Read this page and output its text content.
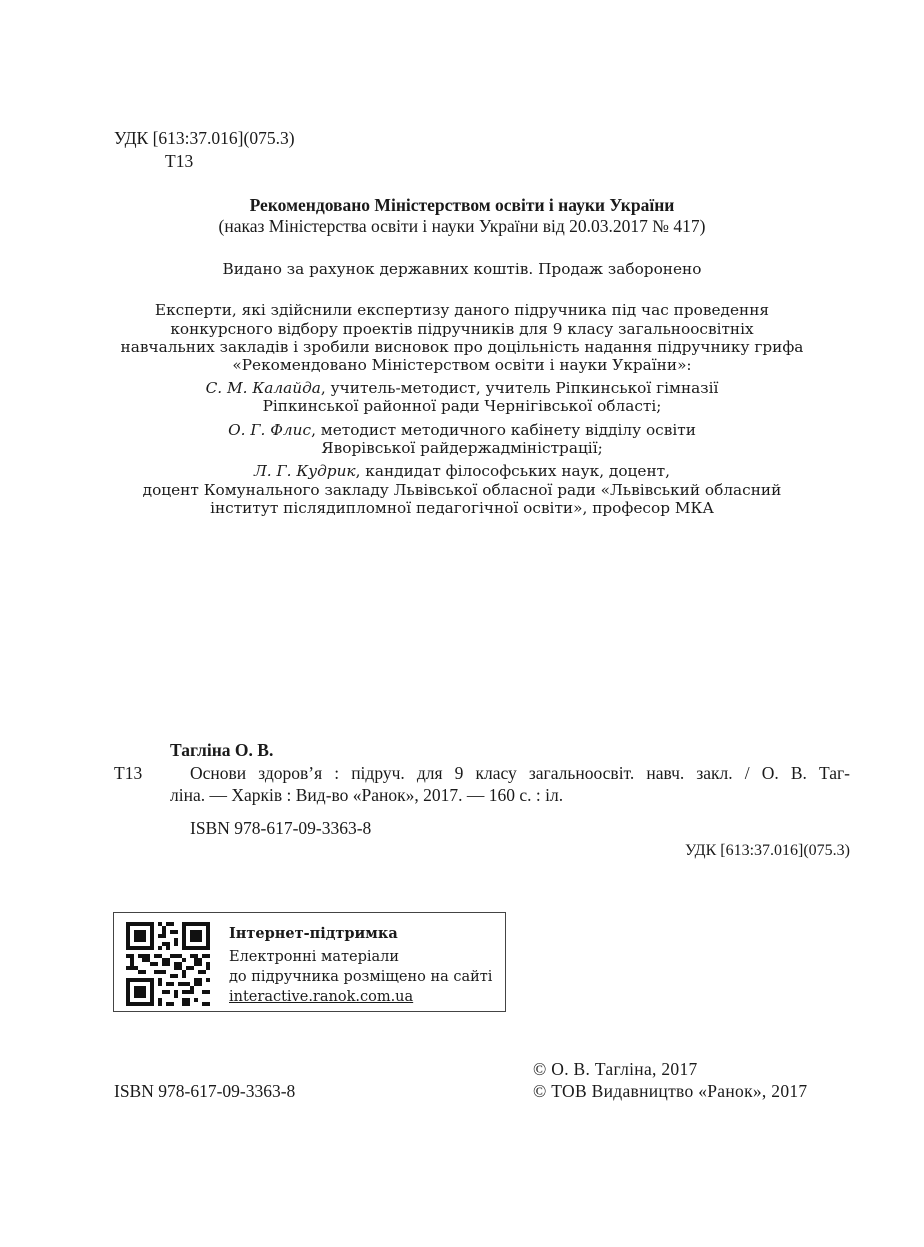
УДК [613:37.016](075.3)
Т13
Рекомендовано Міністерством освіти і науки України
(наказ Міністерства освіти і науки України від 20.03.2017 № 417)
Видано за рахунок державних коштів. Продаж заборонено
Експерти, які здійснили експертизу даного підручника під час проведення
конкурсного відбору проектів підручників для 9 класу загальноосвітніх
навчальних закладів і зробили висновок про доцільність надання підручнику грифа
«Рекомендовано Міністерством освіти і науки України»:
С. М. Калайда, учитель-методист, учитель Ріпкинської гімназії
Ріпкинської районної ради Чернігівської області;
О. Г. Флис, методист методичного кабінету відділу освіти
Яворівської райдержадміністрації;
Л. Г. Кудрик, кандидат філософських наук, доцент,
доцент Комунального закладу Львівської обласної ради «Львівський обласний
інститут післядипломної педагогічної освіти», професор МКА
Тагліна О. В.
Т13	Основи здоров’я : підруч. для 9 класу загальноосвіт. навч. закл. / О. В. Таг-
ліна. — Харків : Вид-во «Ранок», 2017. — 160 с. : іл.
ISBN 978-617-09-3363-8
УДК [613:37.016](075.3)
Інтернет-підтримка
Електронні матеріали
до підручника розміщено на сайті
interactive.ranok.com.ua
ISBN 978-617-09-3363-8
© О. В. Тагліна, 2017
© ТОВ Видавництво «Ранок», 2017
